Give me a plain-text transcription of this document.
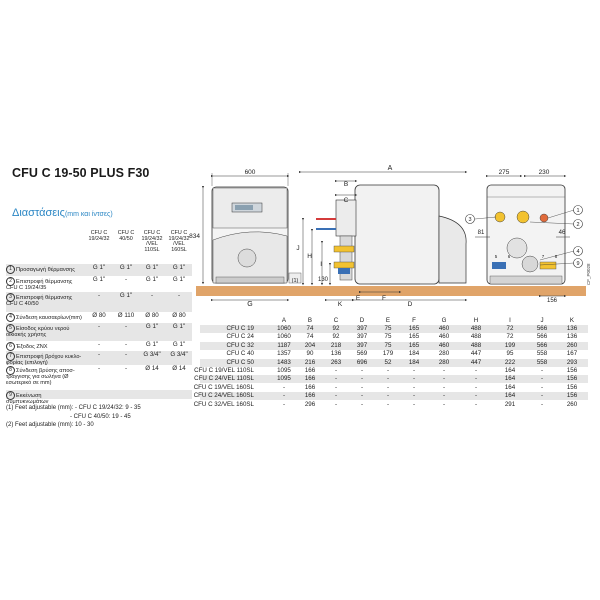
CFU C 19-50 PLUS F30
Διαστάσεις(mm και ίντσες)
600
834
G
(1)
A
B
C
J
H
I
130
K
E	F
D
275	230
81	46
156
CF_P0028
1
2
3
4
9
5 6	7 8
CFU C 19/24/32
CFU C 40/50
CFU C 19/24/32 /VEL 110SL
CFU C 19/24/32 /VEL 160SL
1 Προσαγωγή θέρμανσης	G 1"	G 1"	G 1"	G 1"
2 Επιστροφή θέρμανσης CFU C 19/24/35
G 1"	-	G 1"	G 1"
3 Επιστροφή θέρμανσης CFU C 40/50
-	G 1"	-	-
4 Σύνδεση καυσαερίων(mm)	Ø 80	Ø 110	Ø 80	Ø 80
5 Είσοδος κρύου νερού οικιακής χρήσης
-	-	G 1"	G 1"
6 Έξοδος ΖΝΧ	-	-	G 1"	G 1"
7 Επιστροφή βρόχου κυκλο-φορίας (επιλογή)
-	-	G 3/4"	G 3/4"
8 Σύνδεση βρύσης αποσ-τράγγισης για σωλήνα (Ø εσωτερικό σε mm)
-	-	Ø 14	Ø 14
9 Εκκένωση συμπυκνωμάτων
(1) Feet adjustable (mm): - CFU C 19/24/32: 9 - 35
- CFU C 40/50: 19 - 45
(2) Feet adjustable (mm): 10 - 30
A	B	C	D	E	F	G	H	I	J	K
CFU C 19	1060	74	92	397	75	165	460	488	72	566	136
CFU C 24	1060	74	92	397	75	165	460	488	72	566	136
CFU C 32	1187	204	218	397	75	165	460	488	199	566	260
CFU C 40	1357	90	136	569	179	184	280	447	95	558	167
CFU C 50	1483	216	263	696	52	184	280	447	222	558	293
CFU C 19/VEL 110SL	1095	166	-	-	-	-	-	-	164	-	156
CFU C 24/VEL 110SL	1095	166	-	-	-	-	-	-	164	-	156
CFU C 19/VEL 160SL	-	166	-	-	-	-	-	-	164	-	156
CFU C 24/VEL 160SL	-	166	-	-	-	-	-	-	164	-	156
CFU C 32/VEL 160SL	-	296	-	-	-	-	-	-	291	-	260
